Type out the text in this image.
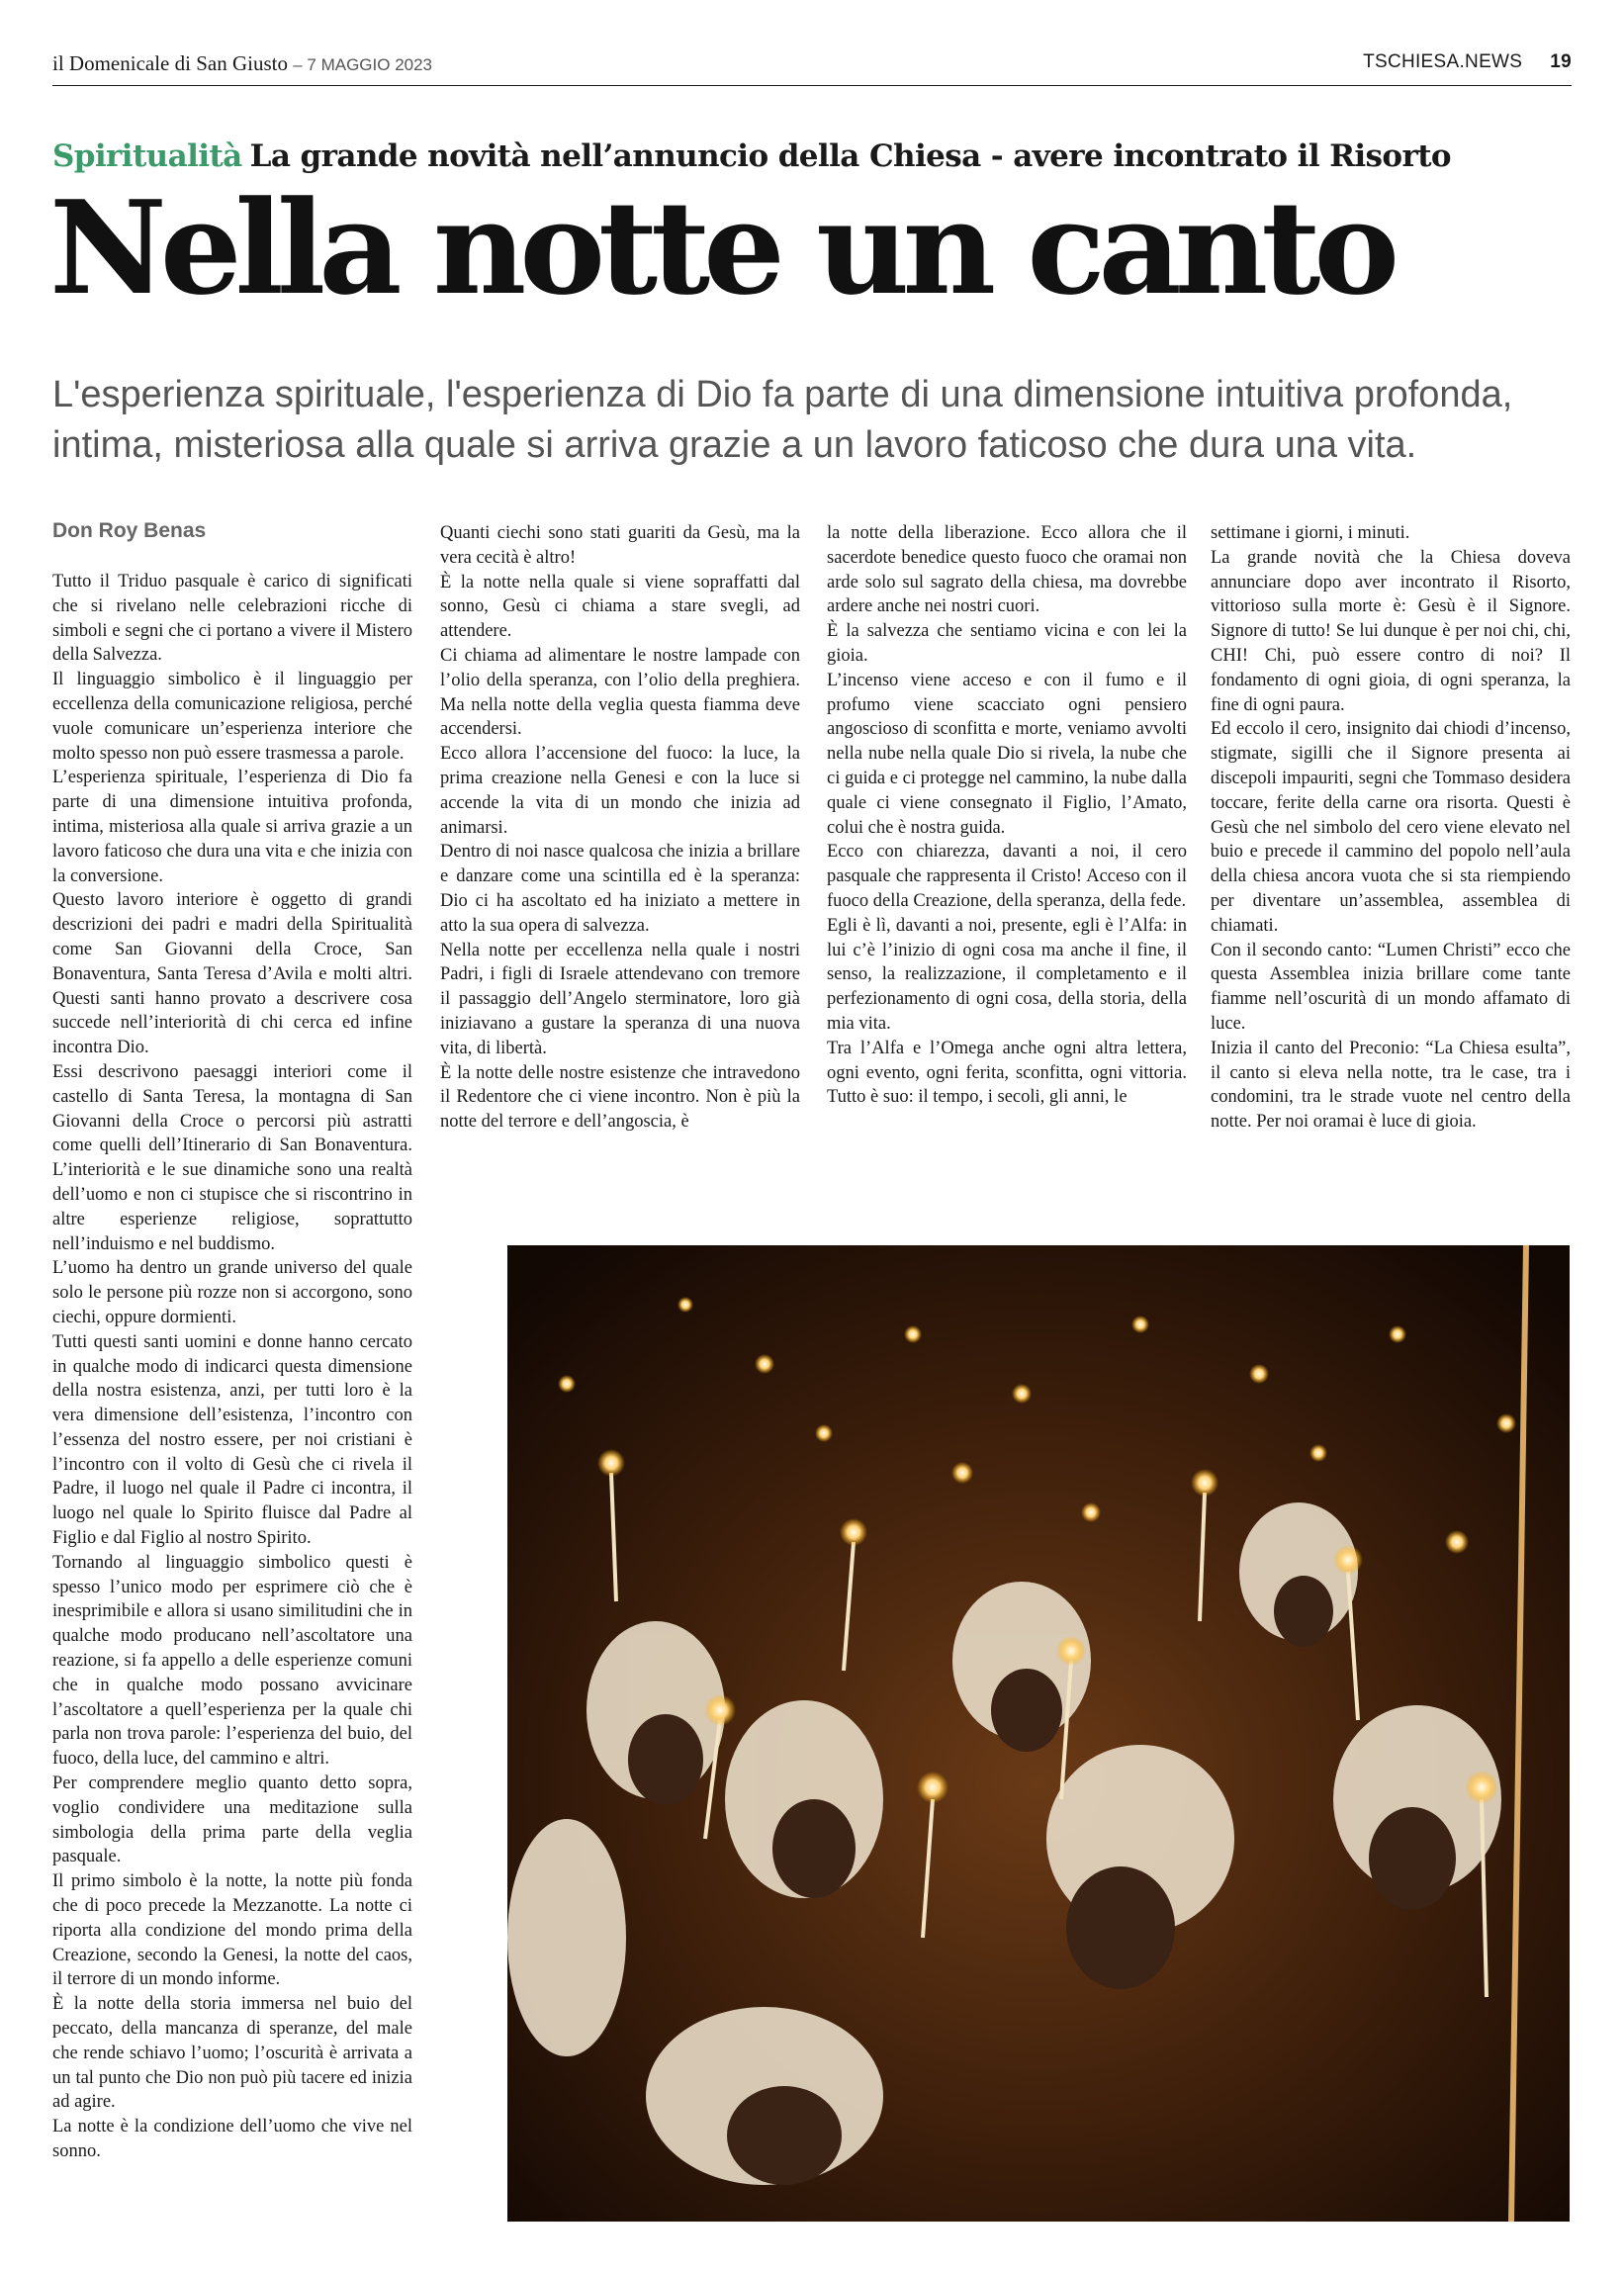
il Domenicale di San Giusto – 7 MAGGIO 2023	TSCHIESA.NEWS 19
Spiritualità La grande novità nell’annuncio della Chiesa - avere incontrato il Risorto
Nella notte un canto

L'esperienza spirituale, l'esperienza di Dio fa parte di una dimensione intuitiva profonda,

intima, misteriosa alla quale si arriva grazie a un lavoro faticoso che dura una vita.

Don Roy Benas

Tutto il Triduo pasquale è carico di significati che si rivelano nelle celebrazioni ricche di simboli e segni che ci portano a vivere il Mistero della Salvezza.

Il linguaggio simbolico è il linguaggio per eccellenza della comunicazione religiosa, perché vuole comunicare un’esperienza interiore che molto spesso non può essere trasmessa a parole.

L’esperienza spirituale, l’esperienza di Dio fa parte di una dimensione intuitiva profonda, intima, misteriosa alla quale si arriva grazie a un lavoro faticoso che dura una vita e che inizia con la conversione.

Questo lavoro interiore è oggetto di grandi descrizioni dei padri e madri della Spiritualità come San Giovanni della Croce, San Bonaventura, Santa Teresa d’Avila e molti altri. Questi santi hanno provato a descrivere cosa succede nell’interiorità di chi cerca ed infine incontra Dio.

Essi descrivono paesaggi interiori come il castello di Santa Teresa, la montagna di San Giovanni della Croce o percorsi più astratti come quelli dell’Itinerario di San Bonaventura. L’interiorità e le sue dinamiche sono una realtà dell’uomo e non ci stupisce che si riscontrino in altre esperienze religiose, soprattutto nell’induismo e nel buddismo.

L’uomo ha dentro un grande universo del quale solo le persone più rozze non si accorgono, sono ciechi, oppure dormienti.

Tutti questi santi uomini e donne hanno cercato in qualche modo di indicarci questa dimensione della nostra esistenza, anzi, per tutti loro è la vera dimensione dell’esistenza, l’incontro con l’essenza del nostro essere, per noi cristiani è l’incontro con il volto di Gesù che ci rivela il Padre, il luogo nel quale il Padre ci incontra, il luogo nel quale lo Spirito fluisce dal Padre al Figlio e dal Figlio al nostro Spirito.

Tornando al linguaggio simbolico questi è spesso l’unico modo per esprimere ciò che è inesprimibile e allora si usano similitudini che in qualche modo producano nell’ascoltatore una reazione, si fa appello a delle esperienze comuni che in qualche modo possano avvicinare l’ascoltatore a quell’esperienza per la quale chi parla non trova parole: l’esperienza del buio, del fuoco, della luce, del cammino e altri.

Per comprendere meglio quanto detto sopra, voglio condividere una meditazione sulla simbologia della prima parte della veglia pasquale.

Il primo simbolo è la notte, la notte più fonda che di poco precede la Mezzanotte. La notte ci riporta alla condizione del mondo prima della Creazione, secondo la Genesi, la notte del caos, il terrore di un mondo informe.

È la notte della storia immersa nel buio del peccato, della mancanza di speranze, del male che rende schiavo l’uomo; l’oscurità è arrivata a un tal punto che Dio non può più tacere ed inizia ad agire.

La notte è la condizione dell’uomo che vive nel sonno.

Quanti ciechi sono stati guariti da Gesù, ma la vera cecità è altro!

È la notte nella quale si viene sopraffatti dal sonno, Gesù ci chiama a stare svegli, ad attendere.

Ci chiama ad alimentare le nostre lampade con l’olio della speranza, con l’olio della preghiera. Ma nella notte della veglia questa fiamma deve accendersi.

Ecco allora l’accensione del fuoco: la luce, la prima creazione nella Genesi e con la luce si accende la vita di un mondo che inizia ad animarsi.

Dentro di noi nasce qualcosa che inizia a brillare e danzare come una scintilla ed è la speranza: Dio ci ha ascoltato ed ha iniziato a mettere in atto la sua opera di salvezza.

Nella notte per eccellenza nella quale i nostri Padri, i figli di Israele attendevano con tremore il passaggio dell’Angelo sterminatore, loro già iniziavano a gustare la speranza di una nuova vita, di libertà.

È la notte delle nostre esistenze che intravedono il Redentore che ci viene incontro. Non è più la notte del terrore e dell’angoscia, è

la notte della liberazione. Ecco allora che il sacerdote benedice questo fuoco che oramai non arde solo sul sagrato della chiesa, ma dovrebbe ardere anche nei nostri cuori.

È la salvezza che sentiamo vicina e con lei la gioia.

L’incenso viene acceso e con il fumo e il profumo viene scacciato ogni pensiero angoscioso di sconfitta e morte, veniamo avvolti nella nube nella quale Dio si rivela, la nube che ci guida e ci protegge nel cammino, la nube dalla quale ci viene consegnato il Figlio, l’Amato, colui che è nostra guida.

Ecco con chiarezza, davanti a noi, il cero pasquale che rappresenta il Cristo! Acceso con il fuoco della Creazione, della speranza, della fede.

Egli è lì, davanti a noi, presente, egli è l’Alfa: in lui c’è l’inizio di ogni cosa ma anche il fine, il senso, la realizzazione, il completamento e il perfezionamento di ogni cosa, della storia, della mia vita.

Tra l’Alfa e l’Omega anche ogni altra lettera, ogni evento, ogni ferita, sconfitta, ogni vittoria. Tutto è suo: il tempo, i secoli, gli anni, le

settimane i giorni, i minuti.

La grande novità che la Chiesa doveva annunciare dopo aver incontrato il Risorto, vittorioso sulla morte è: Gesù è il Signore. Signore di tutto! Se lui dunque è per noi chi, chi, CHI! Chi, può essere contro di noi? Il fondamento di ogni gioia, di ogni speranza, la fine di ogni paura.

Ed eccolo il cero, insignito dai chiodi d’incenso, stigmate, sigilli che il Signore presenta ai discepoli impauriti, segni che Tommaso desidera toccare, ferite della carne ora risorta. Questi è Gesù che nel simbolo del cero viene elevato nel buio e precede il cammino del popolo nell’aula della chiesa ancora vuota che si sta riempiendo per diventare un’assemblea, assemblea di chiamati.

Con il secondo canto: “Lumen Christi” ecco che questa Assemblea inizia brillare come tante fiamme nell’oscurità di un mondo affamato di luce.

Inizia il canto del Preconio: “La Chiesa esulta”, il canto si eleva nella notte, tra le case, tra i condomini, tra le strade vuote nel centro della notte. Per noi oramai è luce di gioia.
